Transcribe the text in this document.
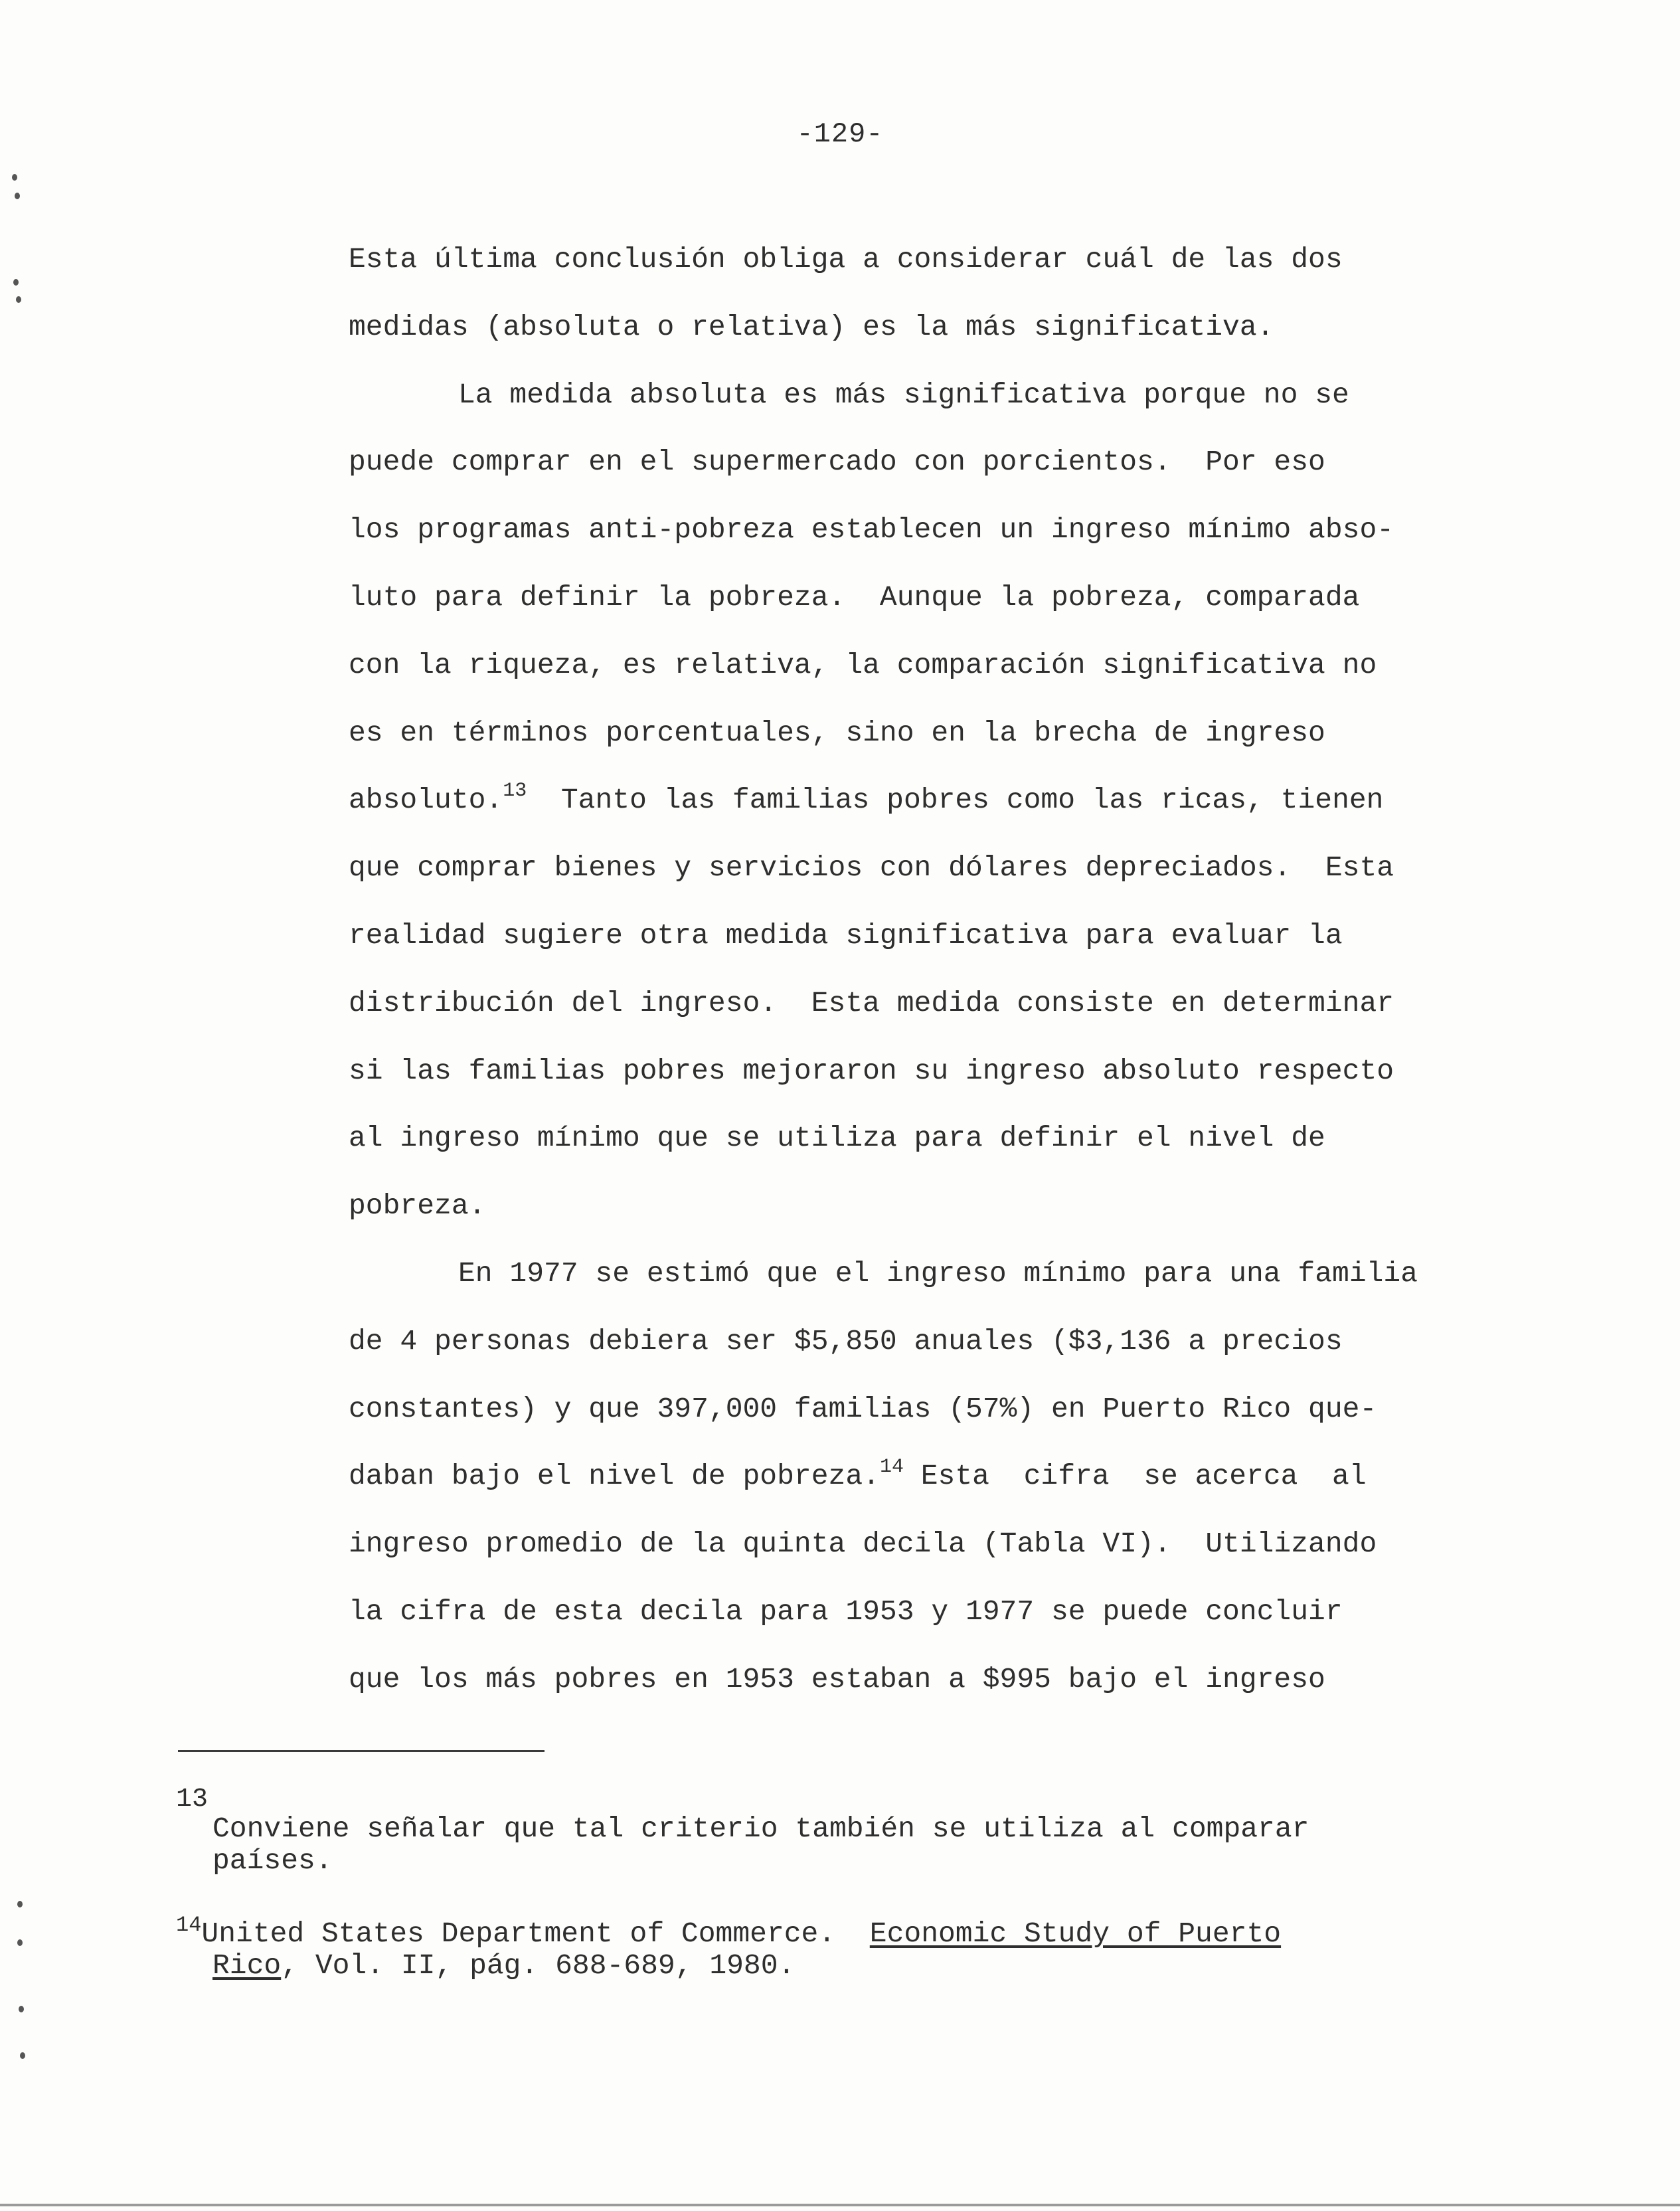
-129-
Esta última conclusión obliga a considerar cuál de las dos
medidas (absoluta o relativa) es la más significativa.
La medida absoluta es más significativa porque no se
puede comprar en el supermercado con porcientos.  Por eso
los programas anti-pobreza establecen un ingreso mínimo abso-
luto para definir la pobreza.  Aunque la pobreza, comparada
con la riqueza, es relativa, la comparación significativa no
es en términos porcentuales, sino en la brecha de ingreso
absoluto.$^{13}$  Tanto las familias pobres como las ricas, tienen
que comprar bienes y servicios con dólares depreciados.  Esta
realidad sugiere otra medida significativa para evaluar la
distribución del ingreso.  Esta medida consiste en determinar
si las familias pobres mejoraron su ingreso absoluto respecto
al ingreso mínimo que se utiliza para definir el nivel de
pobreza.
En 1977 se estimó que el ingreso mínimo para una familia
de 4 personas debiera ser $5,850 anuales ($3,136 a precios
constantes) y que 397,000 familias (57%) en Puerto Rico que-
daban bajo el nivel de pobreza.$^{14}$ Esta  cifra  se acerca  al
ingreso promedio de la quinta decila (Tabla VI).  Utilizando
la cifra de esta decila para 1953 y 1977 se puede concluir
que los más pobres en 1953 estaban a $995 bajo el ingreso
13
Conviene señalar que tal criterio también se utiliza al comparar
países.
$^{14}$United States Department of Commerce.  Economic Study of Puerto
Rico, Vol. II, pág. 688-689, 1980.
